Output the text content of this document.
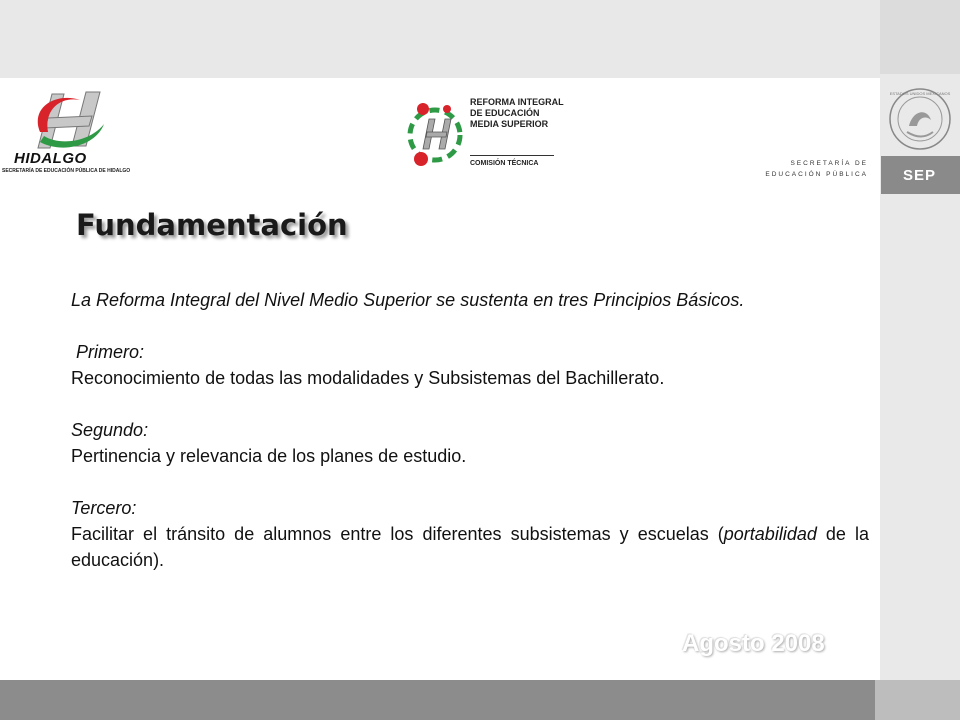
HIDALGO
SECRETARÍA DE EDUCACIÓN PÚBLICA DE HIDALGO
REFORMA INTEGRAL
DE EDUCACIÓN
MEDIA SUPERIOR
COMISIÓN TÉCNICA
ESTADOS UNIDOS MEXICANOS
SECRETARÍA DE
EDUCACIÓN PÚBLICA	SEP
Fundamentación

La Reforma Integral del Nivel Medio Superior se sustenta en tres Principios Básicos.

Primero:

Reconocimiento de todas las modalidades y Subsistemas del Bachillerato.

Segundo:

Pertinencia y relevancia de los planes de estudio.

Tercero:

Facilitar el tránsito de alumnos entre los diferentes subsistemas y escuelas (portabilidad de la educación).

Agosto 2008
